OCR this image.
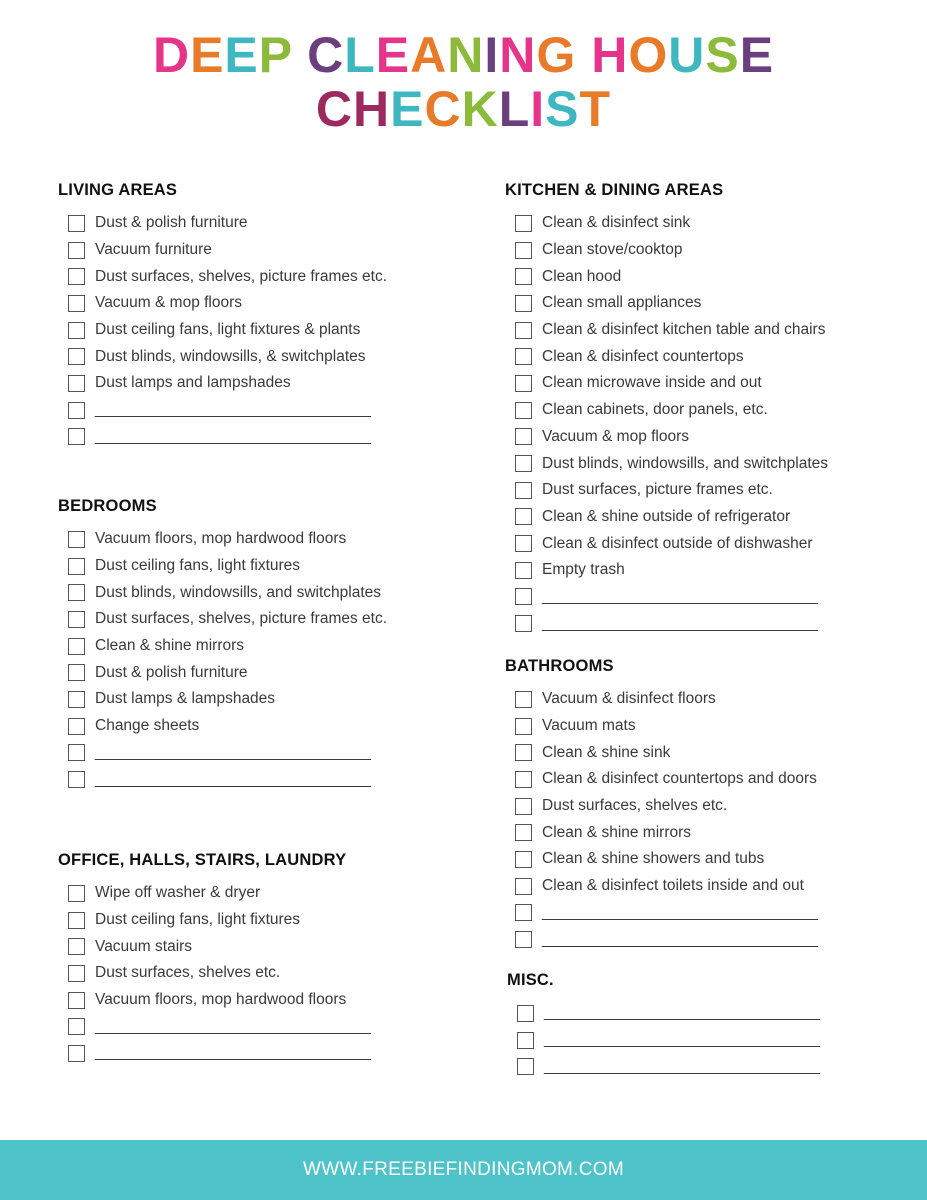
DEEP CLEANING HOUSE
CHECKLIST
LIVING AREAS
Dust & polish furniture
Vacuum furniture
Dust surfaces, shelves, picture frames etc.
Vacuum & mop floors
Dust ceiling fans, light fixtures & plants
Dust blinds, windowsills, & switchplates
Dust lamps and lampshades
________________________________
________________________________
BEDROOMS
Vacuum floors, mop hardwood floors
Dust ceiling fans, light fixtures
Dust blinds, windowsills, and switchplates
Dust surfaces, shelves, picture frames etc.
Clean & shine mirrors
Dust & polish furniture
Dust lamps & lampshades
Change sheets
________________________________
________________________________
OFFICE, HALLS, STAIRS, LAUNDRY
Wipe off washer & dryer
Dust ceiling fans, light fixtures
Vacuum stairs
Dust surfaces, shelves etc.
Vacuum floors, mop hardwood floors
________________________________
________________________________
KITCHEN & DINING AREAS
Clean & disinfect sink
Clean stove/cooktop
Clean hood
Clean small appliances
Clean & disinfect kitchen table and chairs
Clean & disinfect countertops
Clean microwave inside and out
Clean cabinets, door panels, etc.
Vacuum & mop floors
Dust blinds, windowsills, and switchplates
Dust surfaces, picture frames etc.
Clean & shine outside of refrigerator
Clean & disinfect outside of dishwasher
Empty trash
________________________________
________________________________
BATHROOMS
Vacuum & disinfect floors
Vacuum mats
Clean & shine sink
Clean & disinfect countertops and doors
Dust surfaces, shelves etc.
Clean & shine mirrors
Clean & shine showers and tubs
Clean & disinfect toilets inside and out
________________________________
________________________________
MISC.
________________________________
________________________________
________________________________
WWW.FREEBIEFINDINGMOM.COM
